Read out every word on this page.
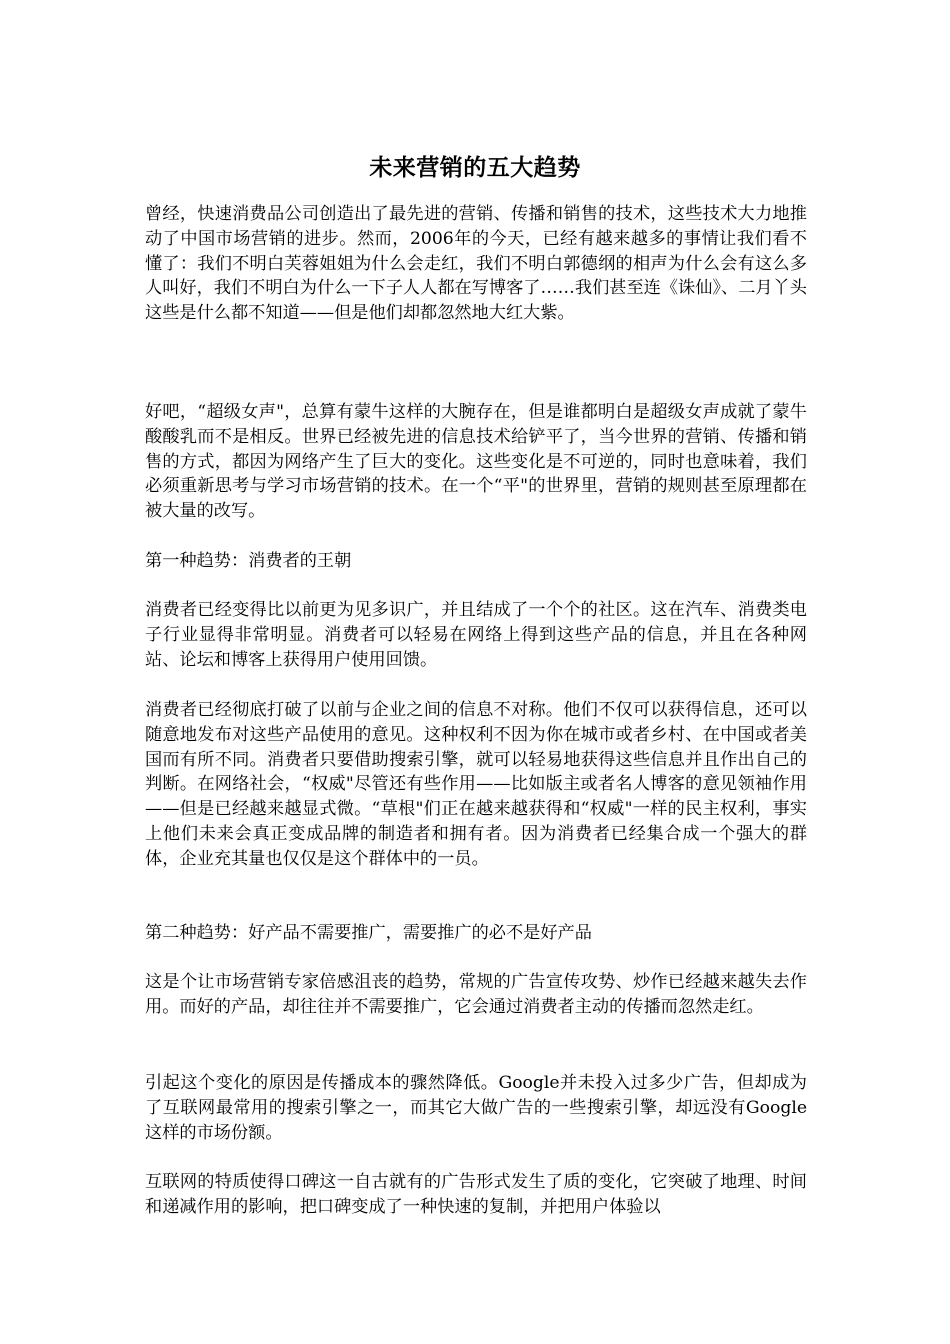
未来营销的五大趋势

曾经，快速消费品公司创造出了最先进的营销、传播和销售的技术，这些技术大力地推动了中国市场营销的进步。然而，2006年的今天，已经有越来越多的事情让我们看不懂了：我们不明白芙蓉姐姐为什么会走红，我们不明白郭德纲的相声为什么会有这么多人叫好，我们不明白为什么一下子人人都在写博客了……我们甚至连《诛仙》、二月丫头这些是什么都不知道——但是他们却都忽然地大红大紫。

好吧，“超级女声"，总算有蒙牛这样的大腕存在，但是谁都明白是超级女声成就了蒙牛酸酸乳而不是相反。世界已经被先进的信息技术给铲平了，当今世界的营销、传播和销售的方式，都因为网络产生了巨大的变化。这些变化是不可逆的，同时也意味着，我们必须重新思考与学习市场营销的技术。在一个“平"的世界里，营销的规则甚至原理都在被大量的改写。

第一种趋势：消费者的王朝

消费者已经变得比以前更为见多识广，并且结成了一个个的社区。这在汽车、消费类电子行业显得非常明显。消费者可以轻易在网络上得到这些产品的信息，并且在各种网站、论坛和博客上获得用户使用回馈。

消费者已经彻底打破了以前与企业之间的信息不对称。他们不仅可以获得信息，还可以随意地发布对这些产品使用的意见。这种权利不因为你在城市或者乡村、在中国或者美国而有所不同。消费者只要借助搜索引擎，就可以轻易地获得这些信息并且作出自己的判断。在网络社会，“权威"尽管还有些作用——比如版主或者名人博客的意见领袖作用——但是已经越来越显式微。“草根"们正在越来越获得和“权威"一样的民主权利，事实上他们未来会真正变成品牌的制造者和拥有者。因为消费者已经集合成一个强大的群体，企业充其量也仅仅是这个群体中的一员。

第二种趋势：好产品不需要推广，需要推广的必不是好产品

这是个让市场营销专家倍感沮丧的趋势，常规的广告宣传攻势、炒作已经越来越失去作用。而好的产品，却往往并不需要推广，它会通过消费者主动的传播而忽然走红。

引起这个变化的原因是传播成本的骤然降低。Google并未投入过多少广告，但却成为了互联网最常用的搜索引擎之一，而其它大做广告的一些搜索引擎，却远没有Google这样的市场份额。

互联网的特质使得口碑这一自古就有的广告形式发生了质的变化，它突破了地理、时间和递减作用的影响，把口碑变成了一种快速的复制，并把用户体验以
